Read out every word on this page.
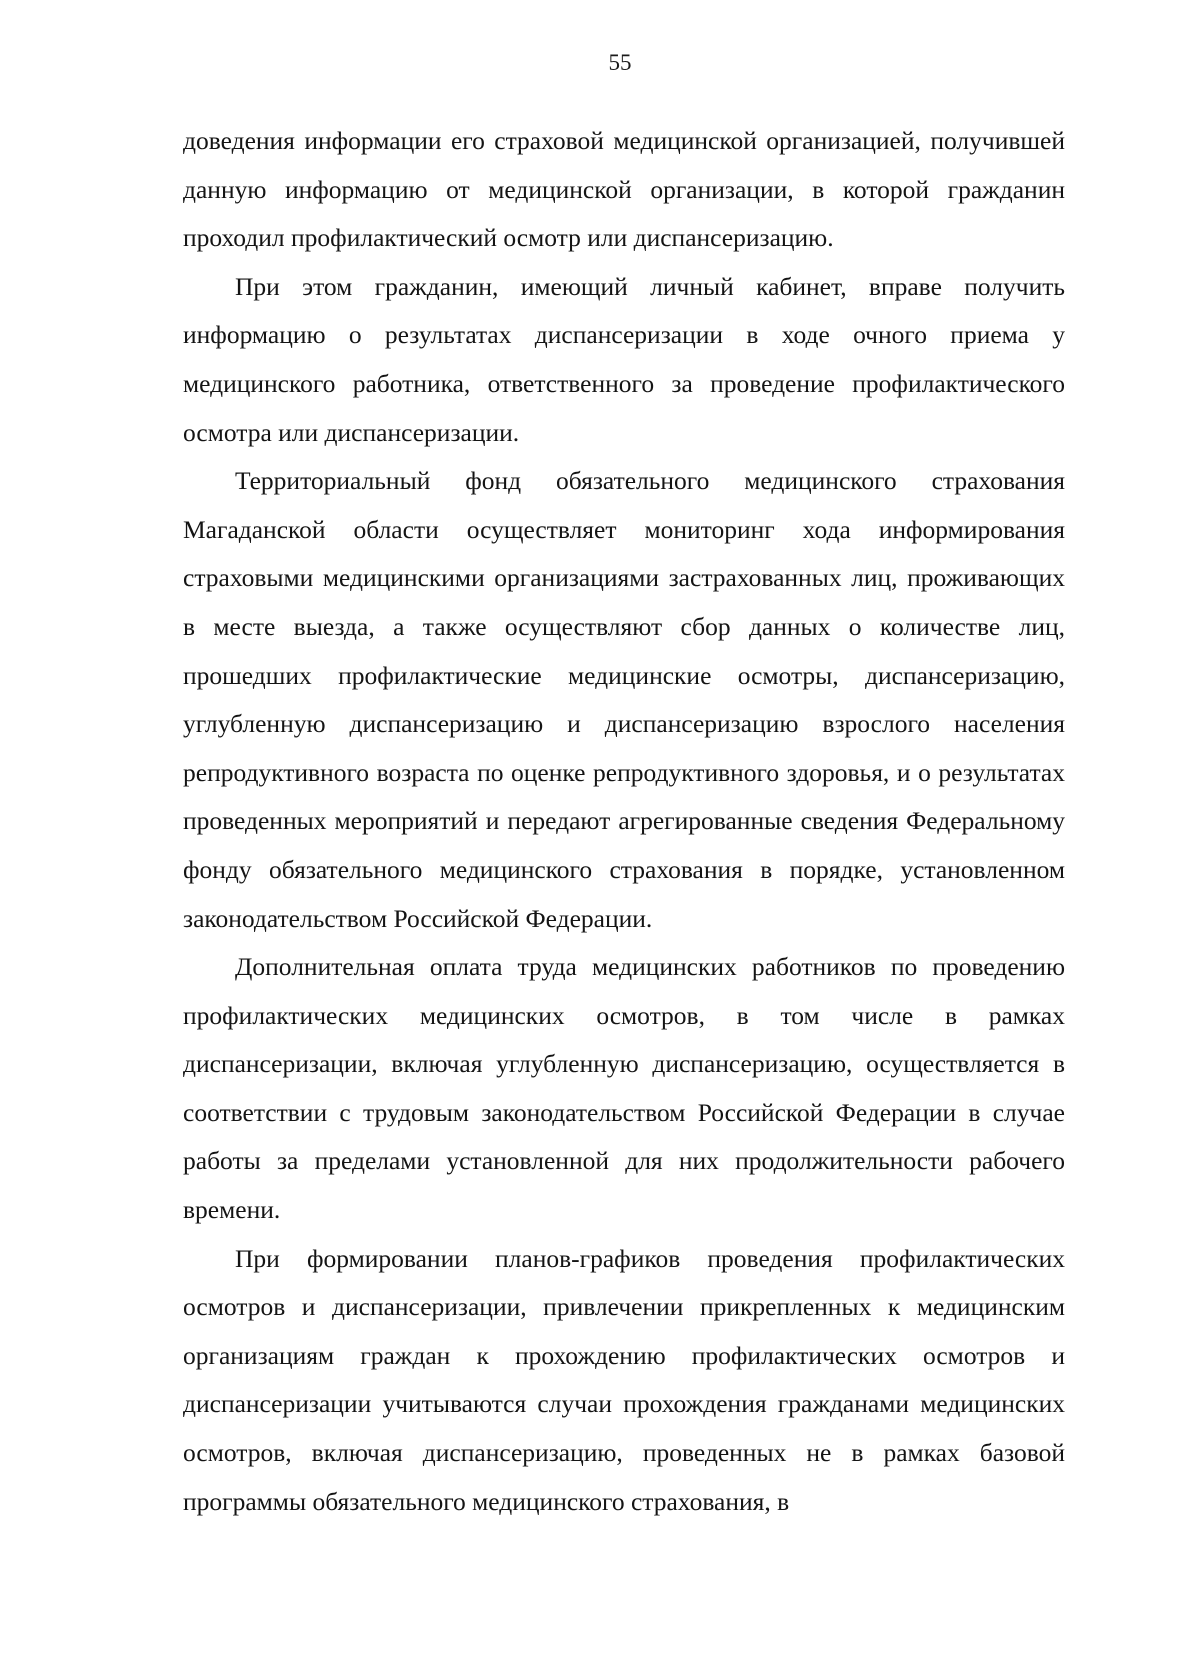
55

доведения информации его страховой медицинской организацией, получившей данную информацию от медицинской организации, в которой гражданин проходил профилактический осмотр или диспансеризацию.

При этом гражданин, имеющий личный кабинет, вправе получить информацию о результатах диспансеризации в ходе очного приема у медицинского работника, ответственного за проведение профилактического осмотра или диспансеризации.

Территориальный фонд обязательного медицинского страхования Магаданской области осуществляет мониторинг хода информирования страховыми медицинскими организациями застрахованных лиц, проживающих в месте выезда, а также осуществляют сбор данных о количестве лиц, прошедших профилактические медицинские осмотры, диспансеризацию, углубленную диспансеризацию и диспансеризацию взрослого населения репродуктивного возраста по оценке репродуктивного здоровья, и о результатах проведенных мероприятий и передают агрегированные сведения Федеральному фонду обязательного медицинского страхования в порядке, установленном законодательством Российской Федерации.

Дополнительная оплата труда медицинских работников по проведению профилактических медицинских осмотров, в том числе в рамках диспансеризации, включая углубленную диспансеризацию, осуществляется в соответствии с трудовым законодательством Российской Федерации в случае работы за пределами установленной для них продолжительности рабочего времени.

При формировании планов-графиков проведения профилактических осмотров и диспансеризации, привлечении прикрепленных к медицинским организациям граждан к прохождению профилактических осмотров и диспансеризации учитываются случаи прохождения гражданами медицинских осмотров, включая диспансеризацию, проведенных не в рамках базовой программы обязательного медицинского страхования, в
